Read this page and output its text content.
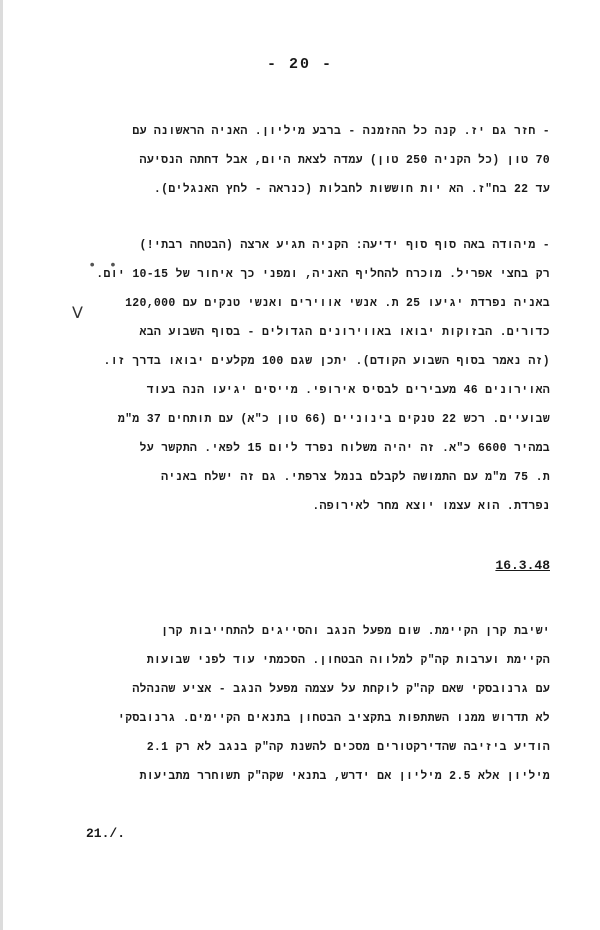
- 20 -
- חזר גם יז. קנה כל ההזמנה - ברבע מיליון. האניה הראשונה עם
70 טון (כל הקניה 250 טון) עמדה לצאת היום, אבל דחתה הנסיעה
עד 22 בח"ז. הא יות חוששות לחבלות (כנראה - לחץ האנגלים).
- מיהודה באה סוף סוף ידיעה: הקניה תגיע ארצה (הבטחה רבתי!)
רק בחצי אפריל. מוכרח להחליף האניה, ומפני כך איחור של 10-15 יום.
באניה נפרדת יגיעו 25 ת. אנשי אווירים ואנשי טנקים עם 120,000
כדורים. הבזוקות יבואו באווירונים הגדולים - בסוף השבוע הבא
(זה נאמר בסוף השבוע הקודם). יתכן שגם 100 מקלעים יבואו בדרך זו.
האוירונים 46 מעבירים לבסיס אירופי. מייסים יגיעו הנה בעוד
שבועיים. רכש 22 טנקים בינוניים (66 טון כ"א) עם תותחים 37 מ"מ
במהיר 6600 כ"א. זה יהיה משלוח נפרד ליום 15 לפאי. התקשר על
ת. 75 מ"מ עם התמושה לקבלם בנמל צרפתי. גם זה ישלח באניה
נפרדת. הוא עצמו יוצא מחר לאירופה.
16.3.48
ישיבת קרן הקיימת. שום מפעל הנגב והסייגים להתחייבות קרן
הקיימת וערבות קה"ק למלווה הבטחון. הסכמתי עוד לפני שבועות
עם גרנובסקי שאם קה"ק לוקחת על עצמה מפעל הנגב - אציע שהנהלה
לא תדרוש ממנו השתתפות בתקציב הבטחון בתנאים הקיימים. גרנובסקי
הודיע ביזיבה שהדירקטורים מסכים להשנת קה"ק בנגב לא רק 2.1
מיליון אלא 2.5 מיליון אם ידרש, בתנאי שקה"ק תשוחרר מתביעות
• •
V
21./.
